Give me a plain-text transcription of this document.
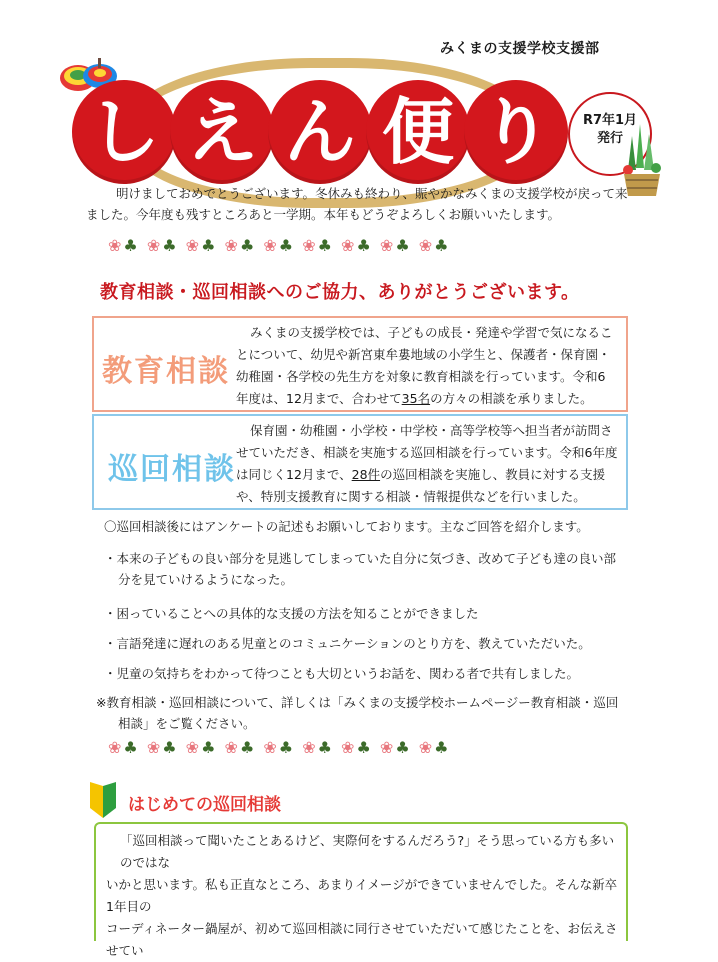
みくまの支援学校支援部
し え ん 便 り	R7年1月
発行
明けましておめでとうございます。冬休みも終わり、賑やかなみくまの支援学校が戻って来
ました。今年度も残すところあと一学期。本年もどうぞよろしくお願いいたします。
❀♣ ❀♣ ❀♣ ❀♣ ❀♣ ❀♣ ❀♣ ❀♣ ❀♣
教育相談・巡回相談へのご協力、ありがとうございます。
教育相談
みくまの支援学校では、子どもの成長・発達や学習で気になるこ
とについて、幼児や新宮東牟婁地域の小学生と、保護者・保育園・
幼稚園・各学校の先生方を対象に教育相談を行っています。令和6
年度は、12月まで、合わせて35名の方々の相談を承りました。
巡回相談
保育園・幼稚園・小学校・中学校・高等学校等へ担当者が訪問さ
せていただき、相談を実施する巡回相談を行っています。令和6年度
は同じく12月まで、28件の巡回相談を実施し、教員に対する支援
や、特別支援教育に関する相談・情報提供などを行いました。
〇巡回相談後にはアンケートの記述もお願いしております。主なご回答を紹介します。
・本来の子どもの良い部分を見逃してしまっていた自分に気づき、改めて子ども達の良い部
分を見ていけるようになった。
・困っていることへの具体的な支援の方法を知ることができました
・言語発達に遅れのある児童とのコミュニケーションのとり方を、教えていただいた。
・児童の気持ちをわかって待つことも大切というお話を、関わる者で共有しました。
※教育相談・巡回相談について、詳しくは「みくまの支援学校ホームページー教育相談・巡回
相談」をご覧ください。
❀♣ ❀♣ ❀♣ ❀♣ ❀♣ ❀♣ ❀♣ ❀♣ ❀♣
はじめての巡回相談
「巡回相談って聞いたことあるけど、実際何をするんだろう?」そう思っている方も多いのではな
いかと思います。私も正直なところ、あまりイメージができていませんでした。そんな新卒1年目の
コーディネーター鍋屋が、初めて巡回相談に同行させていただいて感じたことを、お伝えさせてい
